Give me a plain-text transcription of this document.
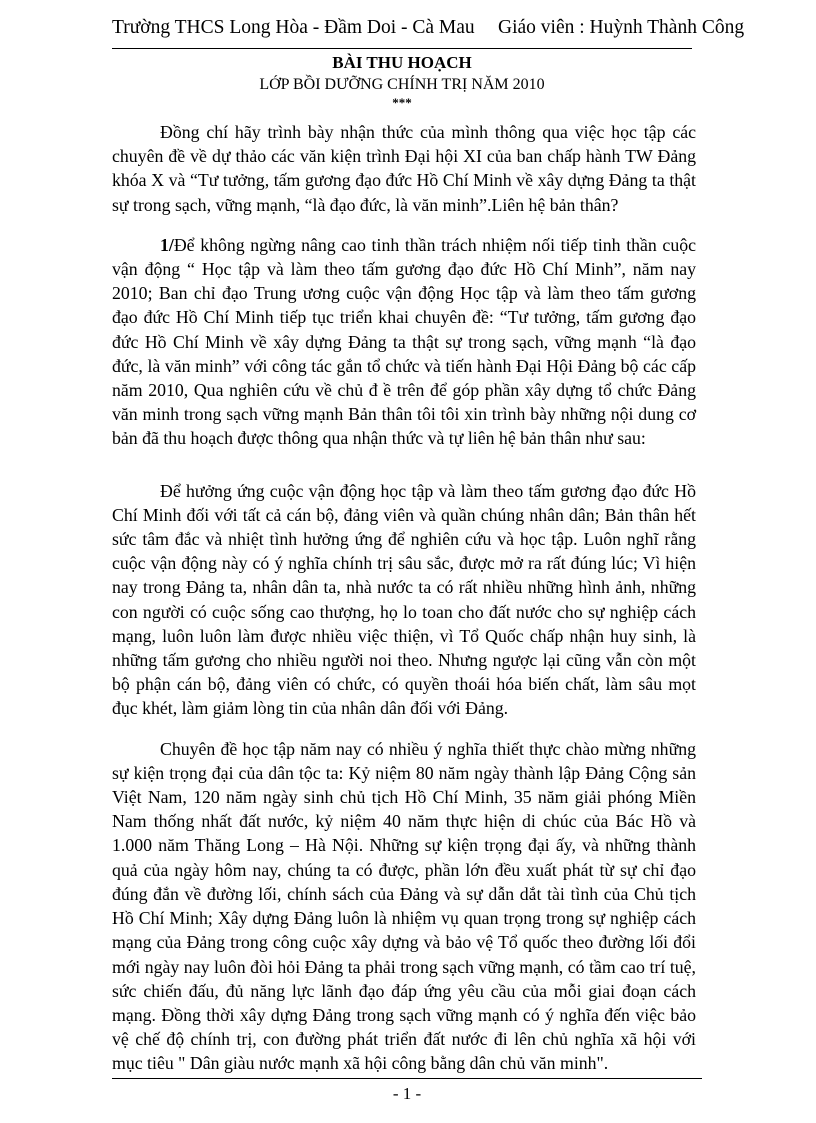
Trường THCS Long Hòa - Đầm Doi - Cà Mau Giáo viên : Huỳnh Thành Công
BÀI THU HOẠCH
LỚP BỒI DƯỠNG CHÍNH TRỊ NĂM 2010
***

Đồng chí hãy trình bày nhận thức của mình thông qua việc học tập các chuyên đề về dự thảo các văn kiện trình Đại hội XI của ban chấp hành TW Đảng khóa X và “Tư tưởng, tấm gương đạo đức Hồ Chí Minh về xây dựng Đảng ta thật sự trong sạch, vững mạnh, “là đạo đức, là văn minh”.Liên hệ bản thân?

1/Để không ngừng nâng cao tinh thần trách nhiệm nối tiếp tinh thần cuộc vận động “ Học tập và làm theo tấm gương đạo đức Hồ Chí Minh”, năm nay 2010; Ban chỉ đạo Trung ương cuộc vận động Học tập và làm theo tấm gương đạo đức Hồ Chí Minh tiếp tục triển khai chuyên đề: “Tư tưởng, tấm gương đạo đức Hồ Chí Minh về xây dựng Đảng ta thật sự trong sạch, vững mạnh “là đạo đức, là văn minh” với công tác gắn tổ chức và tiến hành Đại Hội Đảng bộ các cấp năm 2010, Qua nghiên cứu về chủ đ ề trên để góp phần xây dựng tổ chức Đảng văn minh trong sạch vững mạnh Bản thân tôi tôi xin trình bày những nội dung cơ bản đã thu hoạch được thông qua nhận thức và tự liên hệ bản thân như sau:

Để hưởng ứng cuộc vận động học tập và làm theo tấm gương đạo đức Hồ Chí Minh đối với tất cả cán bộ, đảng viên và quần chúng nhân dân; Bản thân hết sức tâm đắc và nhiệt tình hưởng ứng để nghiên cứu và học tập. Luôn nghĩ rằng cuộc vận động này có ý nghĩa chính trị sâu sắc, được mở ra rất đúng lúc; Vì hiện nay trong Đảng ta, nhân dân ta, nhà nước ta có rất nhiều những hình ảnh, những con người có cuộc sống cao thượng, họ lo toan cho đất nước cho sự nghiệp cách mạng, luôn luôn làm được nhiều việc thiện, vì Tổ Quốc chấp nhận huy sinh, là những tấm gương cho nhiều người noi theo. Nhưng ngược lại cũng vẫn còn một bộ phận cán bộ, đảng viên có chức, có quyền thoái hóa biến chất, làm sâu mọt đục khét, làm giảm lòng tin của nhân dân đối với Đảng.

Chuyên đề học tập năm nay có nhiều ý nghĩa thiết thực chào mừng những sự kiện trọng đại của dân tộc ta: Kỷ niệm 80 năm ngày thành lập Đảng Cộng sản Việt Nam, 120 năm ngày sinh chủ tịch Hồ Chí Minh, 35 năm giải phóng Miền Nam thống nhất đất nước, kỷ niệm 40 năm thực hiện di chúc của Bác Hồ và 1.000 năm Thăng Long – Hà Nội. Những sự kiện trọng đại ấy, và những thành quả của ngày hôm nay, chúng ta có được, phần lớn đều xuất phát từ sự chỉ đạo đúng đắn về đường lối, chính sách của Đảng và sự dẫn dắt tài tình của Chủ tịch Hồ Chí Minh; Xây dựng Đảng luôn là nhiệm vụ quan trọng trong sự nghiệp cách mạng của Đảng trong công cuộc xây dựng và bảo vệ Tổ quốc theo đường lối đổi mới ngày nay luôn đòi hỏi Đảng ta phải trong sạch vững mạnh, có tầm cao trí tuệ, sức chiến đấu, đủ năng lực lãnh đạo đáp ứng yêu cầu của mỗi giai đoạn cách mạng. Đồng thời xây dựng Đảng trong sạch vững mạnh có ý nghĩa đến việc bảo vệ chế độ chính trị, con đường phát triển đất nước đi lên chủ nghĩa xã hội với mục tiêu " Dân giàu nước mạnh xã hội công bằng dân chủ văn minh".

- 1 -
